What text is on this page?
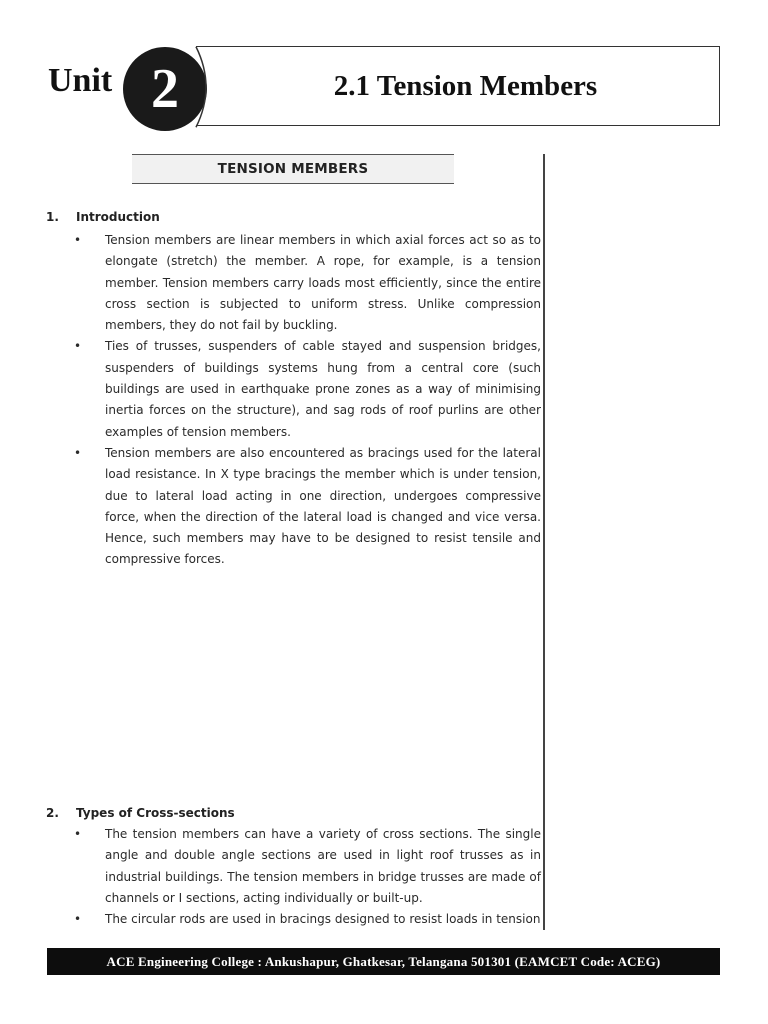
Unit 2	2.1 Tension Members
TENSION MEMBERS
1. Introduction
• Tension members are linear members in which axial forces act so as to elongate (stretch) the member. A rope, for example, is a tension member. Tension members carry loads most efficiently, since the entire cross section is subjected to uniform stress. Unlike compression members, they do not fail by buckling.
• Ties of trusses, suspenders of cable stayed and suspension bridges, suspenders of buildings systems hung from a central core (such buildings are used in earthquake prone zones as a way of minimising inertia forces on the structure), and sag rods of roof purlins are other examples of tension members.
• Tension members are also encountered as bracings used for the lateral load resistance. In X type bracings the member which is under tension, due to lateral load acting in one direction, undergoes compressive force, when the direction of the lateral load is changed and vice versa. Hence, such members may have to be designed to resist tensile and compressive forces.
2. Types of Cross-sections
• The tension members can have a variety of cross sections. The single angle and double angle sections are used in light roof trusses as in industrial buildings. The tension members in bridge trusses are made of channels or I sections, acting individually or built-up.
• The circular rods are used in bracings designed to resist loads in tension
ACE Engineering College : Ankushapur, Ghatkesar, Telangana 501301 (EAMCET Code: ACEG)
